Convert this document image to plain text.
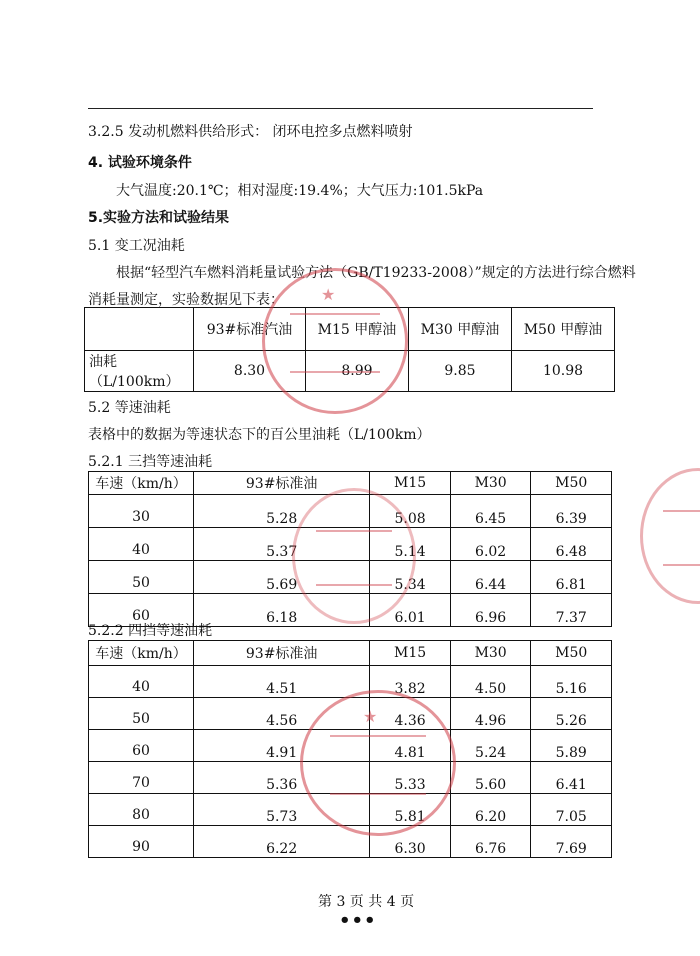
3.2.5 发动机燃料供给形式： 闭环电控多点燃料喷射
4. 试验环境条件
大气温度:20.1℃；相对湿度:19.4%；大气压力:101.5kPa
5.实验方法和试验结果
5.1 变工况油耗
根据“轻型汽车燃料消耗量试验方法（GB/T19233-2008）”规定的方法进行综合燃料
消耗量测定，实验数据见下表：
	93#标准汽油	M15 甲醇油	M30 甲醇油	M50 甲醇油
油耗（L/100km）	8.30	8.99	9.85	10.98
5.2 等速油耗
表格中的数据为等速状态下的百公里油耗（L/100km）
5.2.1 三挡等速油耗
车速（km/h）	93#标准油	M15	M30	M50
30	5.28	5.08	6.45	6.39
40	5.37	5.14	6.02	6.48
50	5.69	5.34	6.44	6.81
60	6.18	6.01	6.96	7.37
5.2.2 四挡等速油耗
车速（km/h）	93#标准油	M15	M30	M50
40	4.51	3.82	4.50	5.16
50	4.56	4.36	4.96	5.26
60	4.91	4.81	5.24	5.89
70	5.36	5.33	5.60	6.41
80	5.73	5.81	6.20	7.05
90	6.22	6.30	6.76	7.69
第 3 页 共 4 页
•••
★
★
